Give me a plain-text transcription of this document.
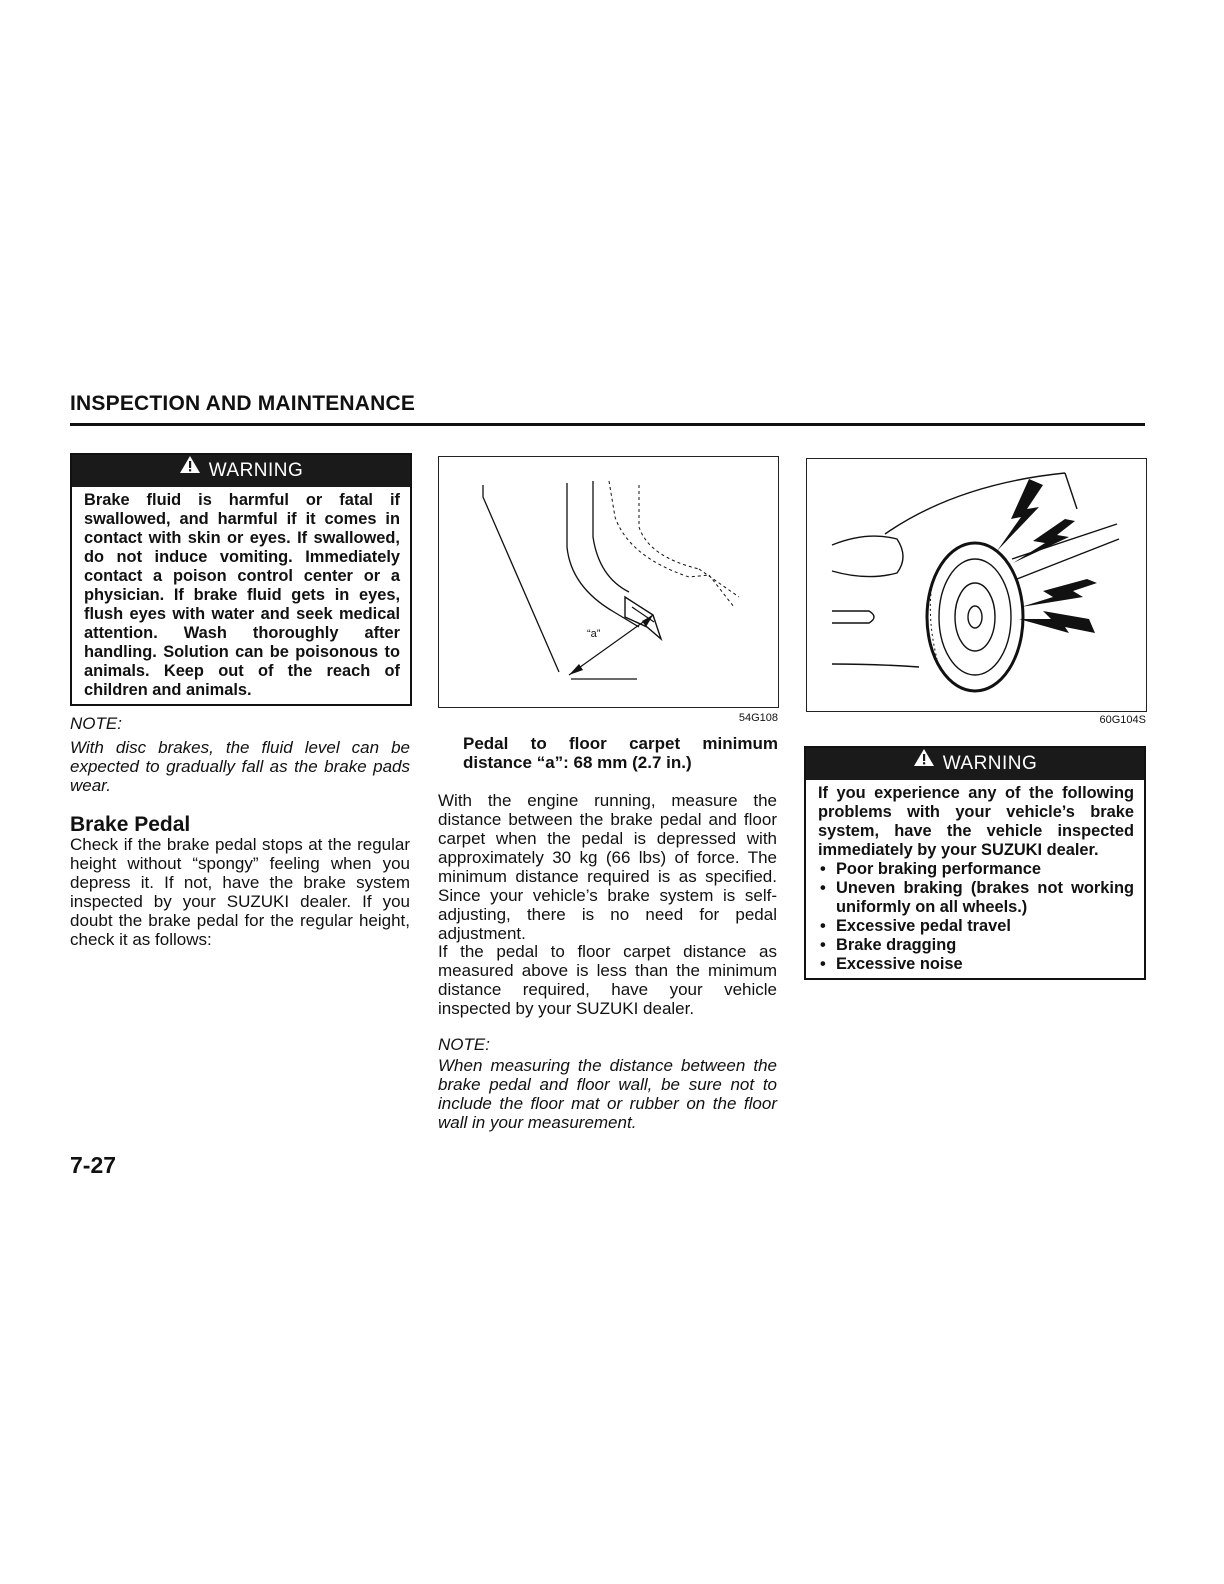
INSPECTION AND MAINTENANCE
WARNING
Brake fluid is harmful or fatal if swallowed, and harmful if it comes in contact with skin or eyes. If swallowed, do not induce vomiting. Immediately contact a poison control center or a physician. If brake fluid gets in eyes, flush eyes with water and seek medical attention. Wash thoroughly after handling. Solution can be poisonous to animals. Keep out of the reach of children and animals.
NOTE:
With disc brakes, the fluid level can be expected to gradually fall as the brake pads wear.
Brake Pedal
Check if the brake pedal stops at the regular height without “spongy” feeling when you depress it. If not, have the brake system inspected by your SUZUKI dealer. If you doubt the brake pedal for the regular height, check it as follows:
“a”
54G108
Pedal to floor carpet minimum distance “a”: 68 mm (2.7 in.)
With the engine running, measure the distance between the brake pedal and floor carpet when the pedal is depressed with approximately 30 kg (66 lbs) of force. The minimum distance required is as specified. Since your vehicle’s brake system is self-adjusting, there is no need for pedal adjustment.
If the pedal to floor carpet distance as measured above is less than the minimum distance required, have your vehicle inspected by your SUZUKI dealer.
NOTE:
When measuring the distance between the brake pedal and floor wall, be sure not to include the floor mat or rubber on the floor wall in your measurement.
60G104S
WARNING
If you experience any of the following problems with your vehicle’s brake system, have the vehicle inspected immediately by your SUZUKI dealer.
• Poor braking performance
• Uneven braking (brakes not working uniformly on all wheels.)
• Excessive pedal travel
• Brake dragging
• Excessive noise
7-27
